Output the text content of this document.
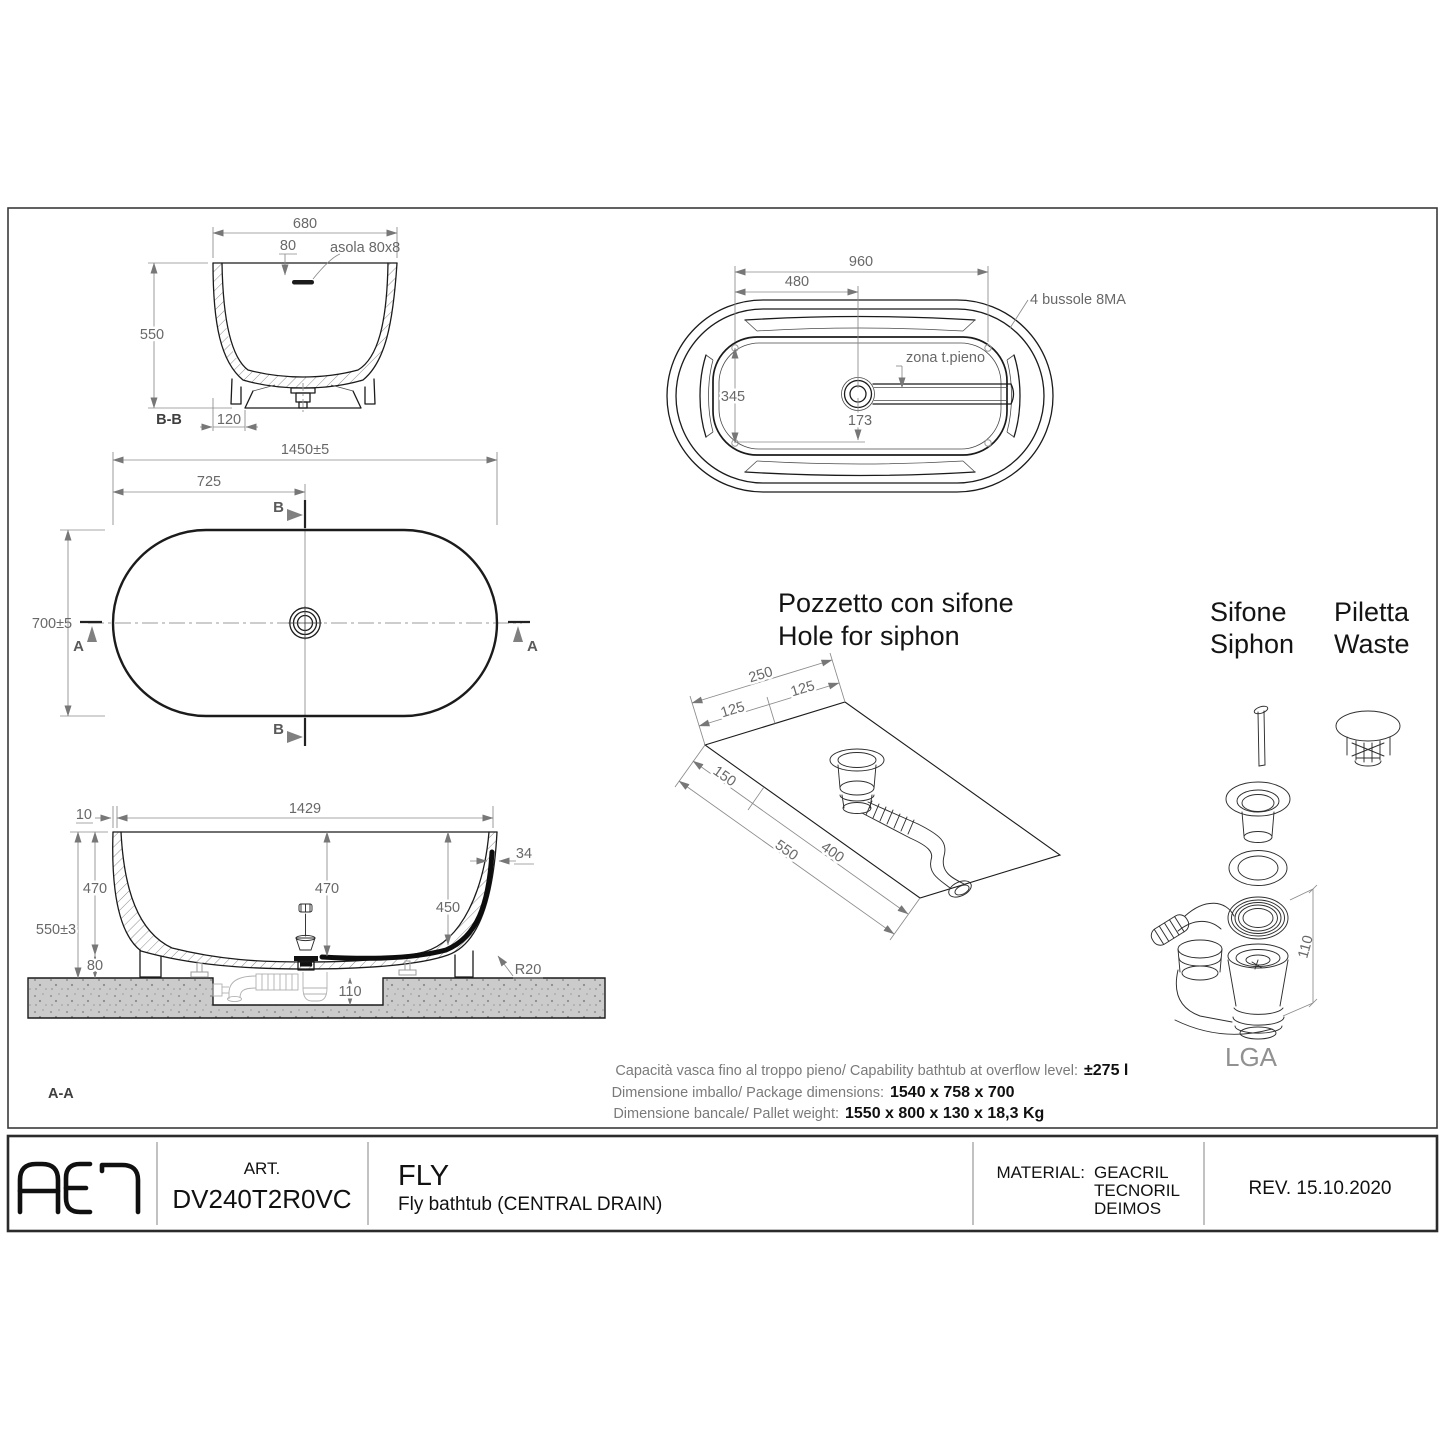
680
80 asola 80x8
550
120
B-B
960
480
345
173
4 bussole 8MA
zona t.pieno
1450±5
725
700±5
B
B
A	A
10	1429
34
550±3
470
80
470
450
R20
110
A-A
Pozzetto con sifone
Hole for siphon
125
125
250
150
400
550
Sifone
Siphon
110
LGA
Piletta
Waste
Capacità vasca fino al troppo pieno/ Capability bathtub at overflow level: ±275 l
Dimensione imballo/ Package dimensions: 1540 x 758 x 700
Dimensione bancale/ Pallet weight: 1550 x 800 x 130 x 18,3 Kg
ART.
DV240T2R0VC
FLY
Fly bathtub (CENTRAL DRAIN)
MATERIAL: GEACRIL
TECNORIL
DEIMOS
REV. 15.10.2020
